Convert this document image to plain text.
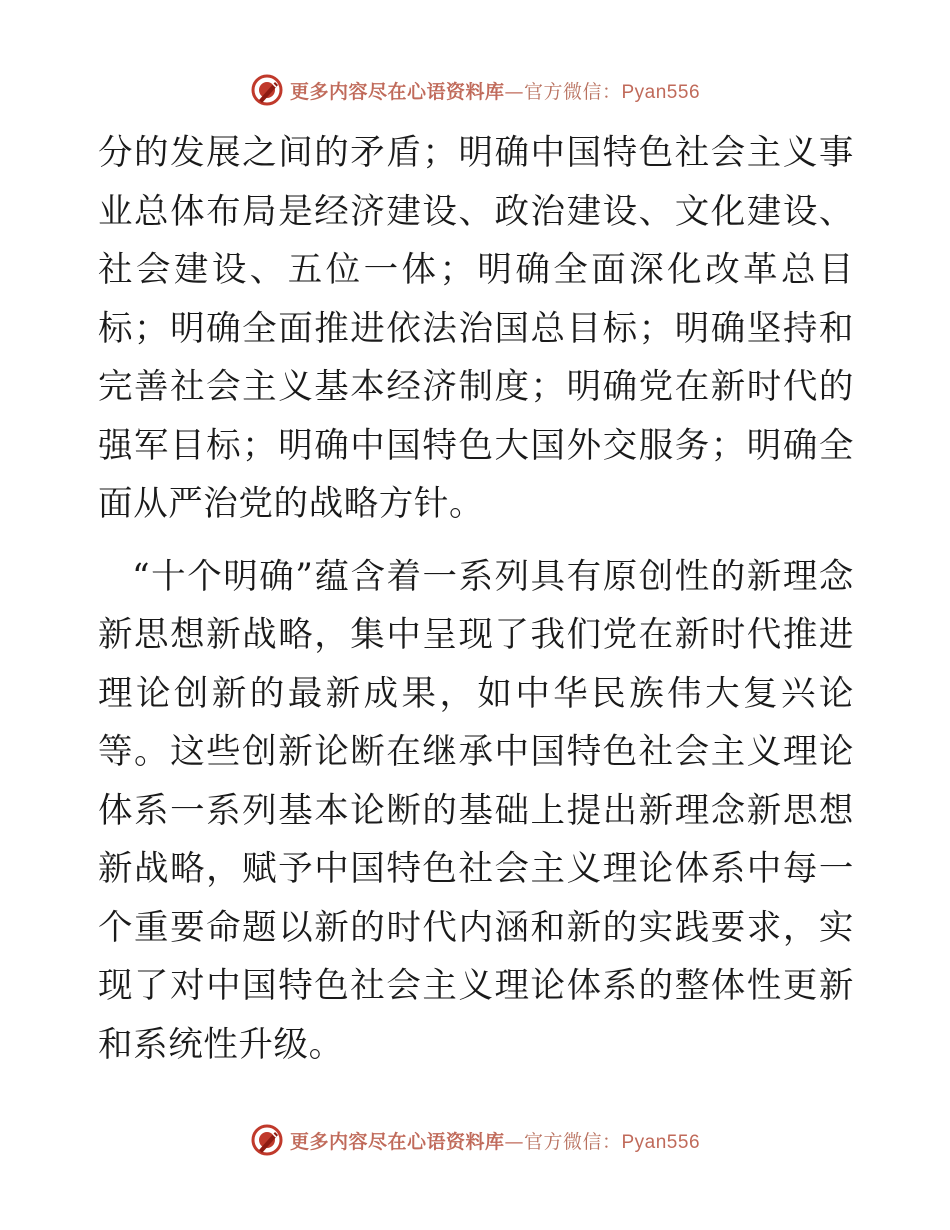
更多内容尽在心语资料库—官方微信：Pyan556

分的发展之间的矛盾；明确中国特色社会主义事业总体布局是经济建设、政治建设、文化建设、社会建设、五位一体；明确全面深化改革总目标；明确全面推进依法治国总目标；明确坚持和完善社会主义基本经济制度；明确党在新时代的强军目标；明确中国特色大国外交服务；明确全面从严治党的战略方针。

“十个明确”蕴含着一系列具有原创性的新理念新思想新战略，集中呈现了我们党在新时代推进理论创新的最新成果，如中华民族伟大复兴论等。这些创新论断在继承中国特色社会主义理论体系一系列基本论断的基础上提出新理念新思想新战略，赋予中国特色社会主义理论体系中每一个重要命题以新的时代内涵和新的实践要求，实现了对中国特色社会主义理论体系的整体性更新和系统性升级。

更多内容尽在心语资料库—官方微信：Pyan556
